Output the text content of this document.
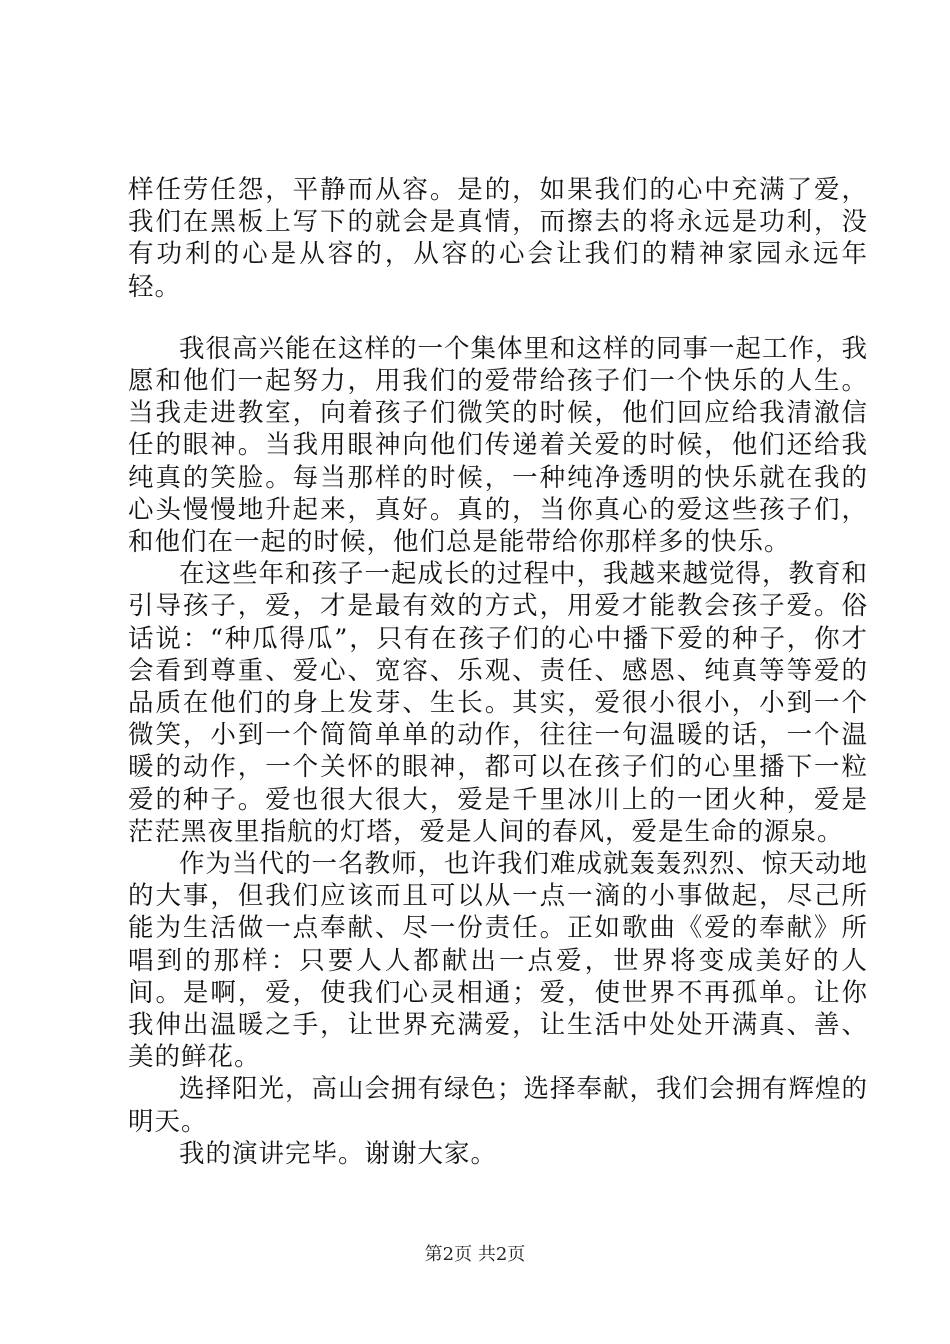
样任劳任怨，平静而从容。是的，如果我们的心中充满了爱，我们在黑板上写下的就会是真情，而擦去的将永远是功利，没有功利的心是从容的，从容的心会让我们的精神家园永远年轻。

我很高兴能在这样的一个集体里和这样的同事一起工作，我愿和他们一起努力，用我们的爱带给孩子们一个快乐的人生。当我走进教室，向着孩子们微笑的时候，他们回应给我清澈信任的眼神。当我用眼神向他们传递着关爱的时候，他们还给我纯真的笑脸。每当那样的时候，一种纯净透明的快乐就在我的心头慢慢地升起来，真好。真的，当你真心的爱这些孩子们，和他们在一起的时候，他们总是能带给你那样多的快乐。

在这些年和孩子一起成长的过程中，我越来越觉得，教育和引导孩子，爱，才是最有效的方式，用爱才能教会孩子爱。俗话说：“种瓜得瓜”，只有在孩子们的心中播下爱的种子，你才会看到尊重、爱心、宽容、乐观、责任、感恩、纯真等等爱的品质在他们的身上发芽、生长。其实，爱很小很小，小到一个微笑，小到一个简简单单的动作，往往一句温暖的话，一个温暖的动作，一个关怀的眼神，都可以在孩子们的心里播下一粒爱的种子。爱也很大很大，爱是千里冰川上的一团火种，爱是茫茫黑夜里指航的灯塔，爱是人间的春风，爱是生命的源泉。

作为当代的一名教师，也许我们难成就轰轰烈烈、惊天动地的大事，但我们应该而且可以从一点一滴的小事做起，尽己所能为生活做一点奉献、尽一份责任。正如歌曲《爱的奉献》所唱到的那样：只要人人都献出一点爱，世界将变成美好的人间。是啊，爱，使我们心灵相通；爱，使世界不再孤单。让你我伸出温暖之手，让世界充满爱，让生活中处处开满真、善、美的鲜花。

选择阳光，高山会拥有绿色；选择奉献，我们会拥有辉煌的明天。

我的演讲完毕。谢谢大家。

第2页 共2页
